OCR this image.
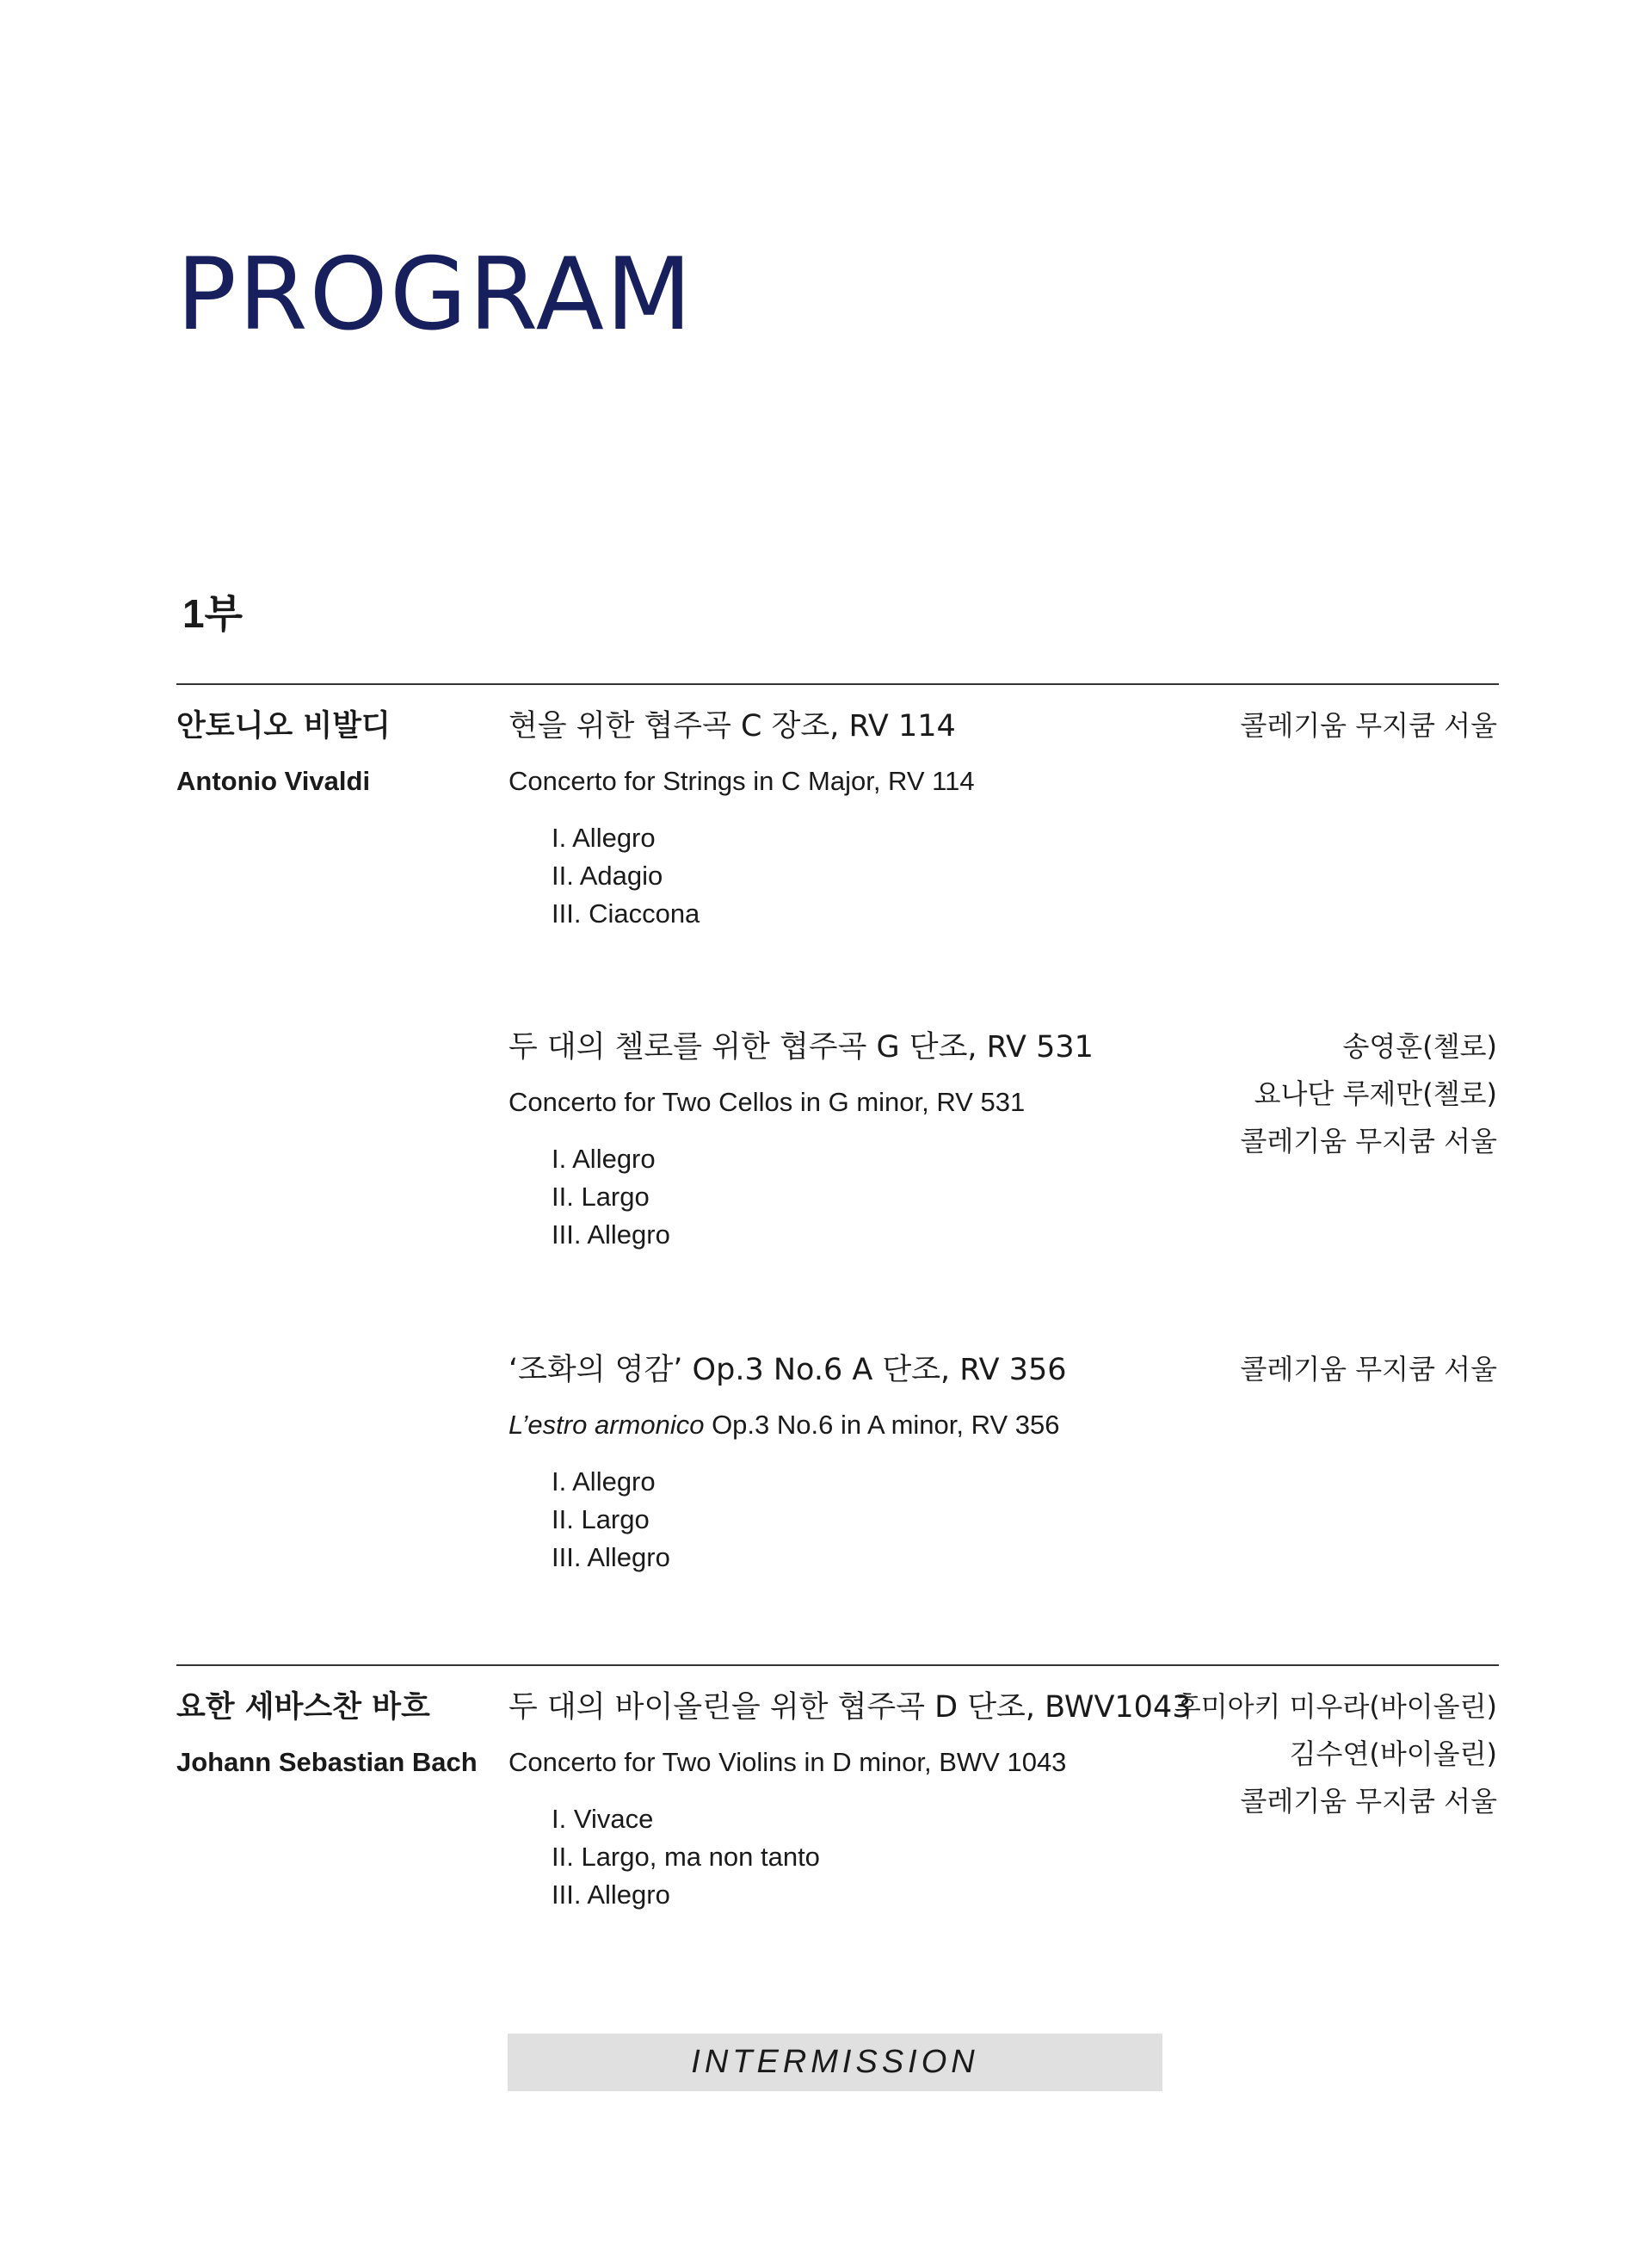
PROGRAM
1부
안토니오 비발디
Antonio Vivaldi
현을 위한 협주곡 C 장조, RV 114
Concerto for Strings in C Major, RV 114
I. Allegro
II. Adagio
III. Ciaccona
콜레기움 무지쿰 서울
두 대의 첼로를 위한 협주곡 G 단조, RV 531
Concerto for Two Cellos in G minor, RV 531
I. Allegro
II. Largo
III. Allegro
송영훈(첼로)
요나단 루제만(첼로)
콜레기움 무지쿰 서울
‘조화의 영감’ Op.3 No.6 A 단조, RV 356
L’estro armonico Op.3 No.6 in A minor, RV 356
I. Allegro
II. Largo
III. Allegro
콜레기움 무지쿰 서울
요한 세바스찬 바흐
Johann Sebastian Bach
두 대의 바이올린을 위한 협주곡 D 단조, BWV1043
Concerto for Two Violins in D minor, BWV 1043
I. Vivace
II. Largo, ma non tanto
III. Allegro
후미아키 미우라(바이올린)
김수연(바이올린)
콜레기움 무지쿰 서울
INTERMISSION
